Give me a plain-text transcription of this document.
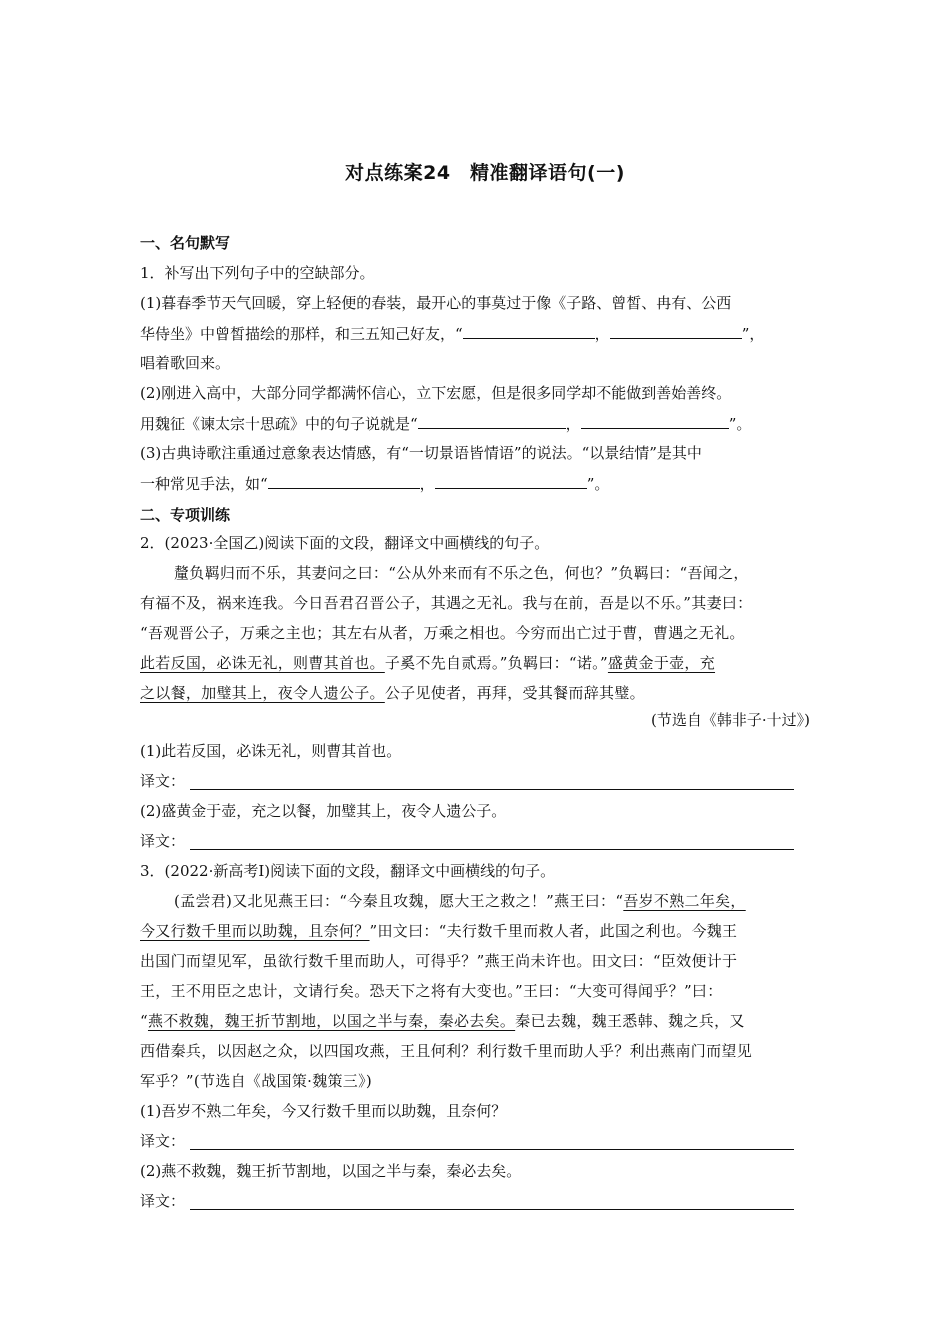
对点练案24　精准翻译语句(一)
一、名句默写
1．补写出下列句子中的空缺部分。
(1)暮春季节天气回暖，穿上轻便的春装，最开心的事莫过于像《子路、曾皙、冉有、公西
华侍坐》中曾皙描绘的那样，和三五知己好友，“	，	”，
唱着歌回来。
(2)刚进入高中，大部分同学都满怀信心，立下宏愿，但是很多同学却不能做到善始善终。
用魏征《谏太宗十思疏》中的句子说就是“	，	”。
(3)古典诗歌注重通过意象表达情感，有“一切景语皆情语”的说法。“以景结情”是其中
一种常见手法，如“	，	”。
二、专项训练
2．(2023·全国乙)阅读下面的文段，翻译文中画横线的句子。
釐负羁归而不乐，其妻问之曰：“公从外来而有不乐之色，何也？”负羁曰：“吾闻之，
有福不及，祸来连我。今日吾君召晋公子，其遇之无礼。我与在前，吾是以不乐。”其妻曰：
“吾观晋公子，万乘之主也；其左右从者，万乘之相也。今穷而出亡过于曹，曹遇之无礼。
此若反国，必诛无礼，则曹其首也。子奚不先自贰焉。”负羁曰：“诺。”盛黄金于壶，充
之以餐，加璧其上，夜令人遗公子。公子见使者，再拜，受其餐而辞其璧。
(节选自《韩非子·十过》)
(1)此若反国，必诛无礼，则曹其首也。
译文：
(2)盛黄金于壶，充之以餐，加璧其上，夜令人遗公子。
译文：
3．(2022·新高考Ⅰ)阅读下面的文段，翻译文中画横线的句子。
(孟尝君)又北见燕王曰：“今秦且攻魏，愿大王之救之！”燕王曰：“吾岁不熟二年矣，
今又行数千里而以助魏，且奈何？”田文曰：“夫行数千里而救人者，此国之利也。今魏王
出国门而望见军，虽欲行数千里而助人，可得乎？”燕王尚未许也。田文曰：“臣效便计于
王，王不用臣之忠计，文请行矣。恐天下之将有大变也。”王曰：“大变可得闻乎？”曰：
“燕不救魏，魏王折节割地，以国之半与秦，秦必去矣。秦已去魏，魏王悉韩、魏之兵，又
西借秦兵，以因赵之众，以四国攻燕，王且何利？利行数千里而助人乎？利出燕南门而望见
军乎？”(节选自《战国策·魏策三》)
(1)吾岁不熟二年矣，今又行数千里而以助魏，且奈何？
译文：
(2)燕不救魏，魏王折节割地，以国之半与秦，秦必去矣。
译文：
